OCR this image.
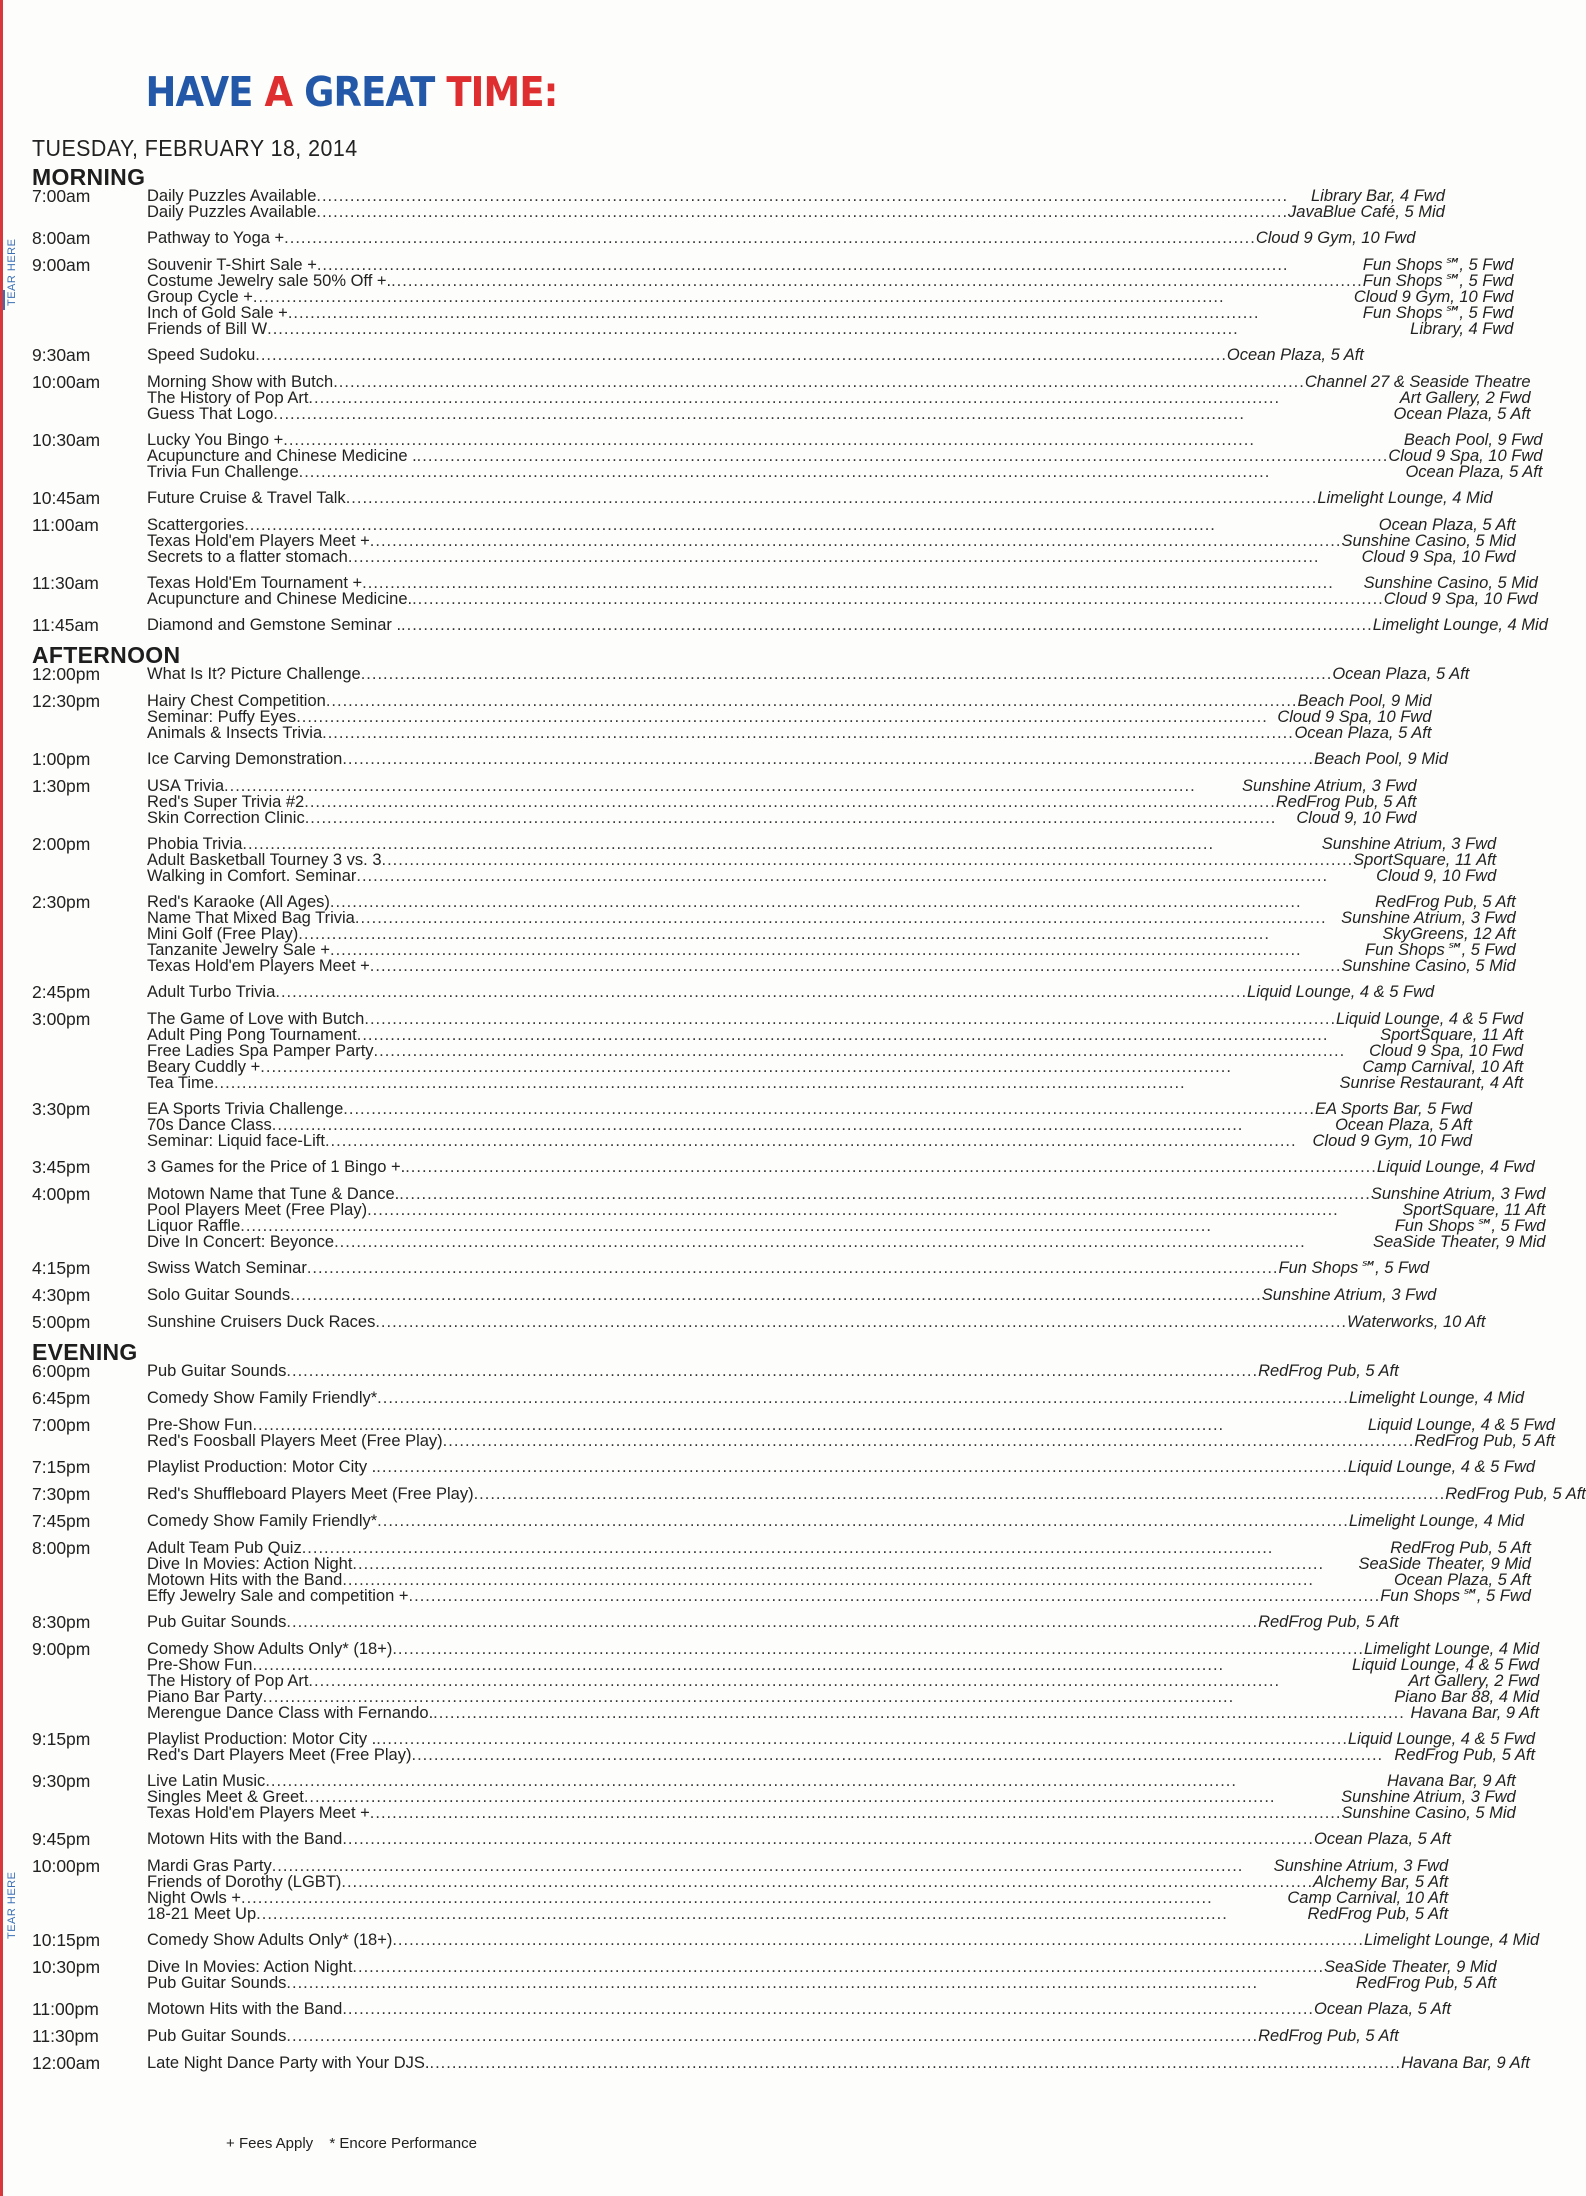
TEAR HERE
TEAR HERE
HAVE A GREAT TIME:
TUESDAY, FEBRUARY 18, 2014
MORNING
7:00am	Daily Puzzles Available .....	Library Bar, 4 Fwd
Daily Puzzles Available .....	JavaBlue Café, 5 Mid
8:00am	Pathway to Yoga + .....	Cloud 9 Gym, 10 Fwd
9:00am	Souvenir T-Shirt Sale + .....	Fun Shops℠, 5 Fwd
Costume Jewelry sale 50% Off +. .....	Fun Shops℠, 5 Fwd
Group Cycle + .....	Cloud 9 Gym, 10 Fwd
Inch of Gold Sale + .....	Fun Shops℠, 5 Fwd
Friends of Bill W .....	Library, 4 Fwd
9:30am	Speed Sudoku .....	Ocean Plaza, 5 Aft
10:00am	Morning Show with Butch .....	Channel 27 & Seaside Theatre
The History of Pop Art .....	Art Gallery, 2 Fwd
Guess That Logo .....	Ocean Plaza, 5 Aft
10:30am	Lucky You Bingo + .....	Beach Pool, 9 Fwd
Acupuncture and Chinese Medicine . .....	Cloud 9 Spa, 10 Fwd
Trivia Fun Challenge .....	Ocean Plaza, 5 Aft
10:45am	Future Cruise & Travel Talk .....	Limelight Lounge, 4 Mid
11:00am	Scattergories .....	Ocean Plaza, 5 Aft
Texas Hold'em Players Meet + .....	Sunshine Casino, 5 Mid
Secrets to a flatter stomach .....	Cloud 9 Spa, 10 Fwd
11:30am	Texas Hold'Em Tournament + .....	Sunshine Casino, 5 Mid
Acupuncture and Chinese Medicine. .....	Cloud 9 Spa, 10 Fwd
11:45am	Diamond and Gemstone Seminar . .....	Limelight Lounge, 4 Mid
AFTERNOON
12:00pm	What Is It? Picture Challenge .....	Ocean Plaza, 5 Aft
12:30pm	Hairy Chest Competition .....	Beach Pool, 9 Mid
Seminar: Puffy Eyes .....	Cloud 9 Spa, 10 Fwd
Animals & Insects Trivia .....	Ocean Plaza, 5 Aft
1:00pm	Ice Carving Demonstration .....	Beach Pool, 9 Mid
1:30pm	USA Trivia .....	Sunshine Atrium, 3 Fwd
Red's Super Trivia #2 .....	RedFrog Pub, 5 Aft
Skin Correction Clinic .....	Cloud 9, 10 Fwd
2:00pm	Phobia Trivia .....	Sunshine Atrium, 3 Fwd
Adult Basketball Tourney 3 vs. 3 .....	SportSquare, 11 Aft
Walking in Comfort. Seminar .....	Cloud 9, 10 Fwd
2:30pm	Red's Karaoke (All Ages) .....	RedFrog Pub, 5 Aft
Name That Mixed Bag Trivia .....	Sunshine Atrium, 3 Fwd
Mini Golf (Free Play) .....	SkyGreens, 12 Aft
Tanzanite Jewelry Sale + .....	Fun Shops℠, 5 Fwd
Texas Hold'em Players Meet + .....	Sunshine Casino, 5 Mid
2:45pm	Adult Turbo Trivia .....	Liquid Lounge, 4 & 5 Fwd
3:00pm	The Game of Love with Butch .....	Liquid Lounge, 4 & 5 Fwd
Adult Ping Pong Tournament .....	SportSquare, 11 Aft
Free Ladies Spa Pamper Party .....	Cloud 9 Spa, 10 Fwd
Beary Cuddly + .....	Camp Carnival, 10 Aft
Tea Time .....	Sunrise Restaurant, 4 Aft
3:30pm	EA Sports Trivia Challenge .....	EA Sports Bar, 5 Fwd
70s Dance Class .....	Ocean Plaza, 5 Aft
Seminar: Liquid face-Lift .....	Cloud 9 Gym, 10 Fwd
3:45pm	3 Games for the Price of 1 Bingo +. .....	Liquid Lounge, 4 Fwd
4:00pm	Motown Name that Tune & Dance. .....	Sunshine Atrium, 3 Fwd
Pool Players Meet (Free Play) .....	SportSquare, 11 Aft
Liquor Raffle .....	Fun Shops℠, 5 Fwd
Dive In Concert: Beyonce .....	SeaSide Theater, 9 Mid
4:15pm	Swiss Watch Seminar .....	Fun Shops℠, 5 Fwd
4:30pm	Solo Guitar Sounds .....	Sunshine Atrium, 3 Fwd
5:00pm	Sunshine Cruisers Duck Races .....	Waterworks, 10 Aft
EVENING
6:00pm	Pub Guitar Sounds .....	RedFrog Pub, 5 Aft
6:45pm	Comedy Show Family Friendly* .....	Limelight Lounge, 4 Mid
7:00pm	Pre-Show Fun .....	Liquid Lounge, 4 & 5 Fwd
Red's Foosball Players Meet (Free Play) .....	RedFrog Pub, 5 Aft
7:15pm	Playlist Production: Motor City . .....	Liquid Lounge, 4 & 5 Fwd
7:30pm	Red's Shuffleboard Players Meet (Free Play) .....	RedFrog Pub, 5 Aft
7:45pm	Comedy Show Family Friendly* .....	Limelight Lounge, 4 Mid
8:00pm	Adult Team Pub Quiz .....	RedFrog Pub, 5 Aft
Dive In Movies: Action Night .....	SeaSide Theater, 9 Mid
Motown Hits with the Band .....	Ocean Plaza, 5 Aft
Effy Jewelry Sale and competition + .....	Fun Shops℠, 5 Fwd
8:30pm	Pub Guitar Sounds .....	RedFrog Pub, 5 Aft
9:00pm	Comedy Show Adults Only* (18+) .....	Limelight Lounge, 4 Mid
Pre-Show Fun .....	Liquid Lounge, 4 & 5 Fwd
The History of Pop Art .....	Art Gallery, 2 Fwd
Piano Bar Party .....	Piano Bar 88, 4 Mid
Merengue Dance Class with Fernando. .....	Havana Bar, 9 Aft
9:15pm	Playlist Production: Motor City . .....	Liquid Lounge, 4 & 5 Fwd
Red's Dart Players Meet (Free Play) .....	RedFrog Pub, 5 Aft
9:30pm	Live Latin Music .....	Havana Bar, 9 Aft
Singles Meet & Greet .....	Sunshine Atrium, 3 Fwd
Texas Hold'em Players Meet + .....	Sunshine Casino, 5 Mid
9:45pm	Motown Hits with the Band .....	Ocean Plaza, 5 Aft
10:00pm	Mardi Gras Party .....	Sunshine Atrium, 3 Fwd
Friends of Dorothy (LGBT) .....	Alchemy Bar, 5 Aft
Night Owls + .....	Camp Carnival, 10 Aft
18-21 Meet Up .....	RedFrog Pub, 5 Aft
10:15pm	Comedy Show Adults Only* (18+) .....	Limelight Lounge, 4 Mid
10:30pm	Dive In Movies: Action Night .....	SeaSide Theater, 9 Mid
Pub Guitar Sounds .....	RedFrog Pub, 5 Aft
11:00pm	Motown Hits with the Band .....	Ocean Plaza, 5 Aft
11:30pm	Pub Guitar Sounds .....	RedFrog Pub, 5 Aft
12:00am	Late Night Dance Party with Your DJS. .....	Havana Bar, 9 Aft
+ Fees Apply * Encore Performance
